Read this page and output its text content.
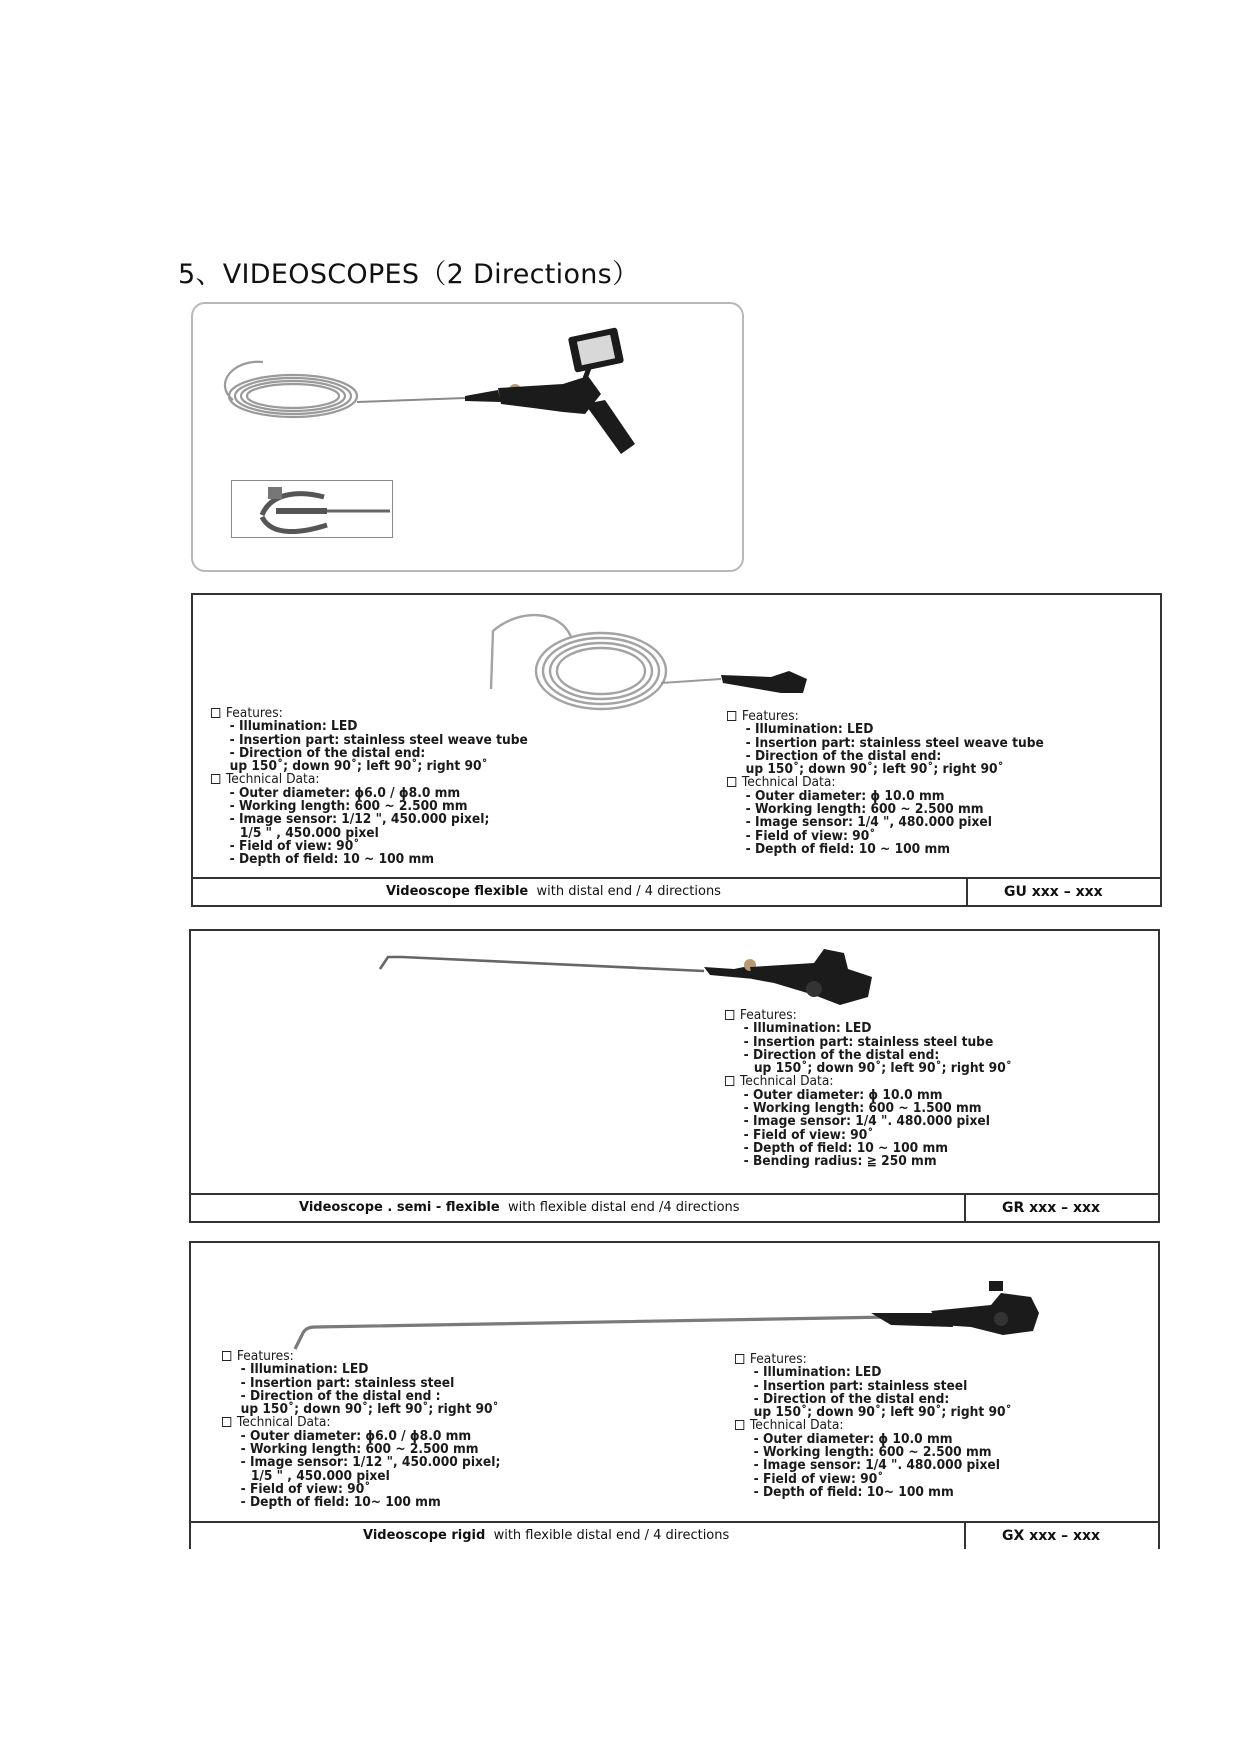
5、VIDEOSCOPES（2 Directions）
Features:
- Illumination: LED
- Insertion part: stainless steel weave tube
- Direction of the distal end:
up 150˚; down 90˚; left 90˚; right 90˚
Technical Data:
- Outer diameter: ϕ6.0 / ϕ8.0 mm
- Working length: 600 ~ 2.500 mm
- Image sensor: 1/12 ", 450.000 pixel;
1/5 " , 450.000 pixel
- Field of view: 90˚
- Depth of field: 10 ~ 100 mm
Features:
- Illumination: LED
- Insertion part: stainless steel weave tube
- Direction of the distal end:
up 150˚; down 90˚; left 90˚; right 90˚
Technical Data:
- Outer diameter: ϕ 10.0 mm
- Working length: 600 ~ 2.500 mm
- Image sensor: 1/4 ", 480.000 pixel
- Field of view: 90˚
- Depth of field: 10 ~ 100 mm
Videoscope flexible with distal end / 4 directions	GU xxx – xxx
Features:
- Illumination: LED
- Insertion part: stainless steel tube
- Direction of the distal end:
up 150˚; down 90˚; left 90˚; right 90˚
Technical Data:
- Outer diameter: ϕ 10.0 mm
- Working length: 600 ~ 1.500 mm
- Image sensor: 1/4 ". 480.000 pixel
- Field of view: 90˚
- Depth of field: 10 ~ 100 mm
- Bending radius: ≧ 250 mm
Videoscope . semi - flexible with flexible distal end /4 directions	GR xxx – xxx
Features:
- Illumination: LED
- Insertion part: stainless steel
- Direction of the distal end :
up 150˚; down 90˚; left 90˚; right 90˚
Technical Data:
- Outer diameter: ϕ6.0 / ϕ8.0 mm
- Working length: 600 ~ 2.500 mm
- Image sensor: 1/12 ", 450.000 pixel;
1/5 " , 450.000 pixel
- Field of view: 90˚
- Depth of field: 10~ 100 mm
Features:
- Illumination: LED
- Insertion part: stainless steel
- Direction of the distal end:
up 150˚; down 90˚; left 90˚; right 90˚
Technical Data:
- Outer diameter: ϕ 10.0 mm
- Working length: 600 ~ 2.500 mm
- Image sensor: 1/4 ". 480.000 pixel
- Field of view: 90˚
- Depth of field: 10~ 100 mm
Videoscope rigid with flexible distal end / 4 directions	GX xxx – xxx
